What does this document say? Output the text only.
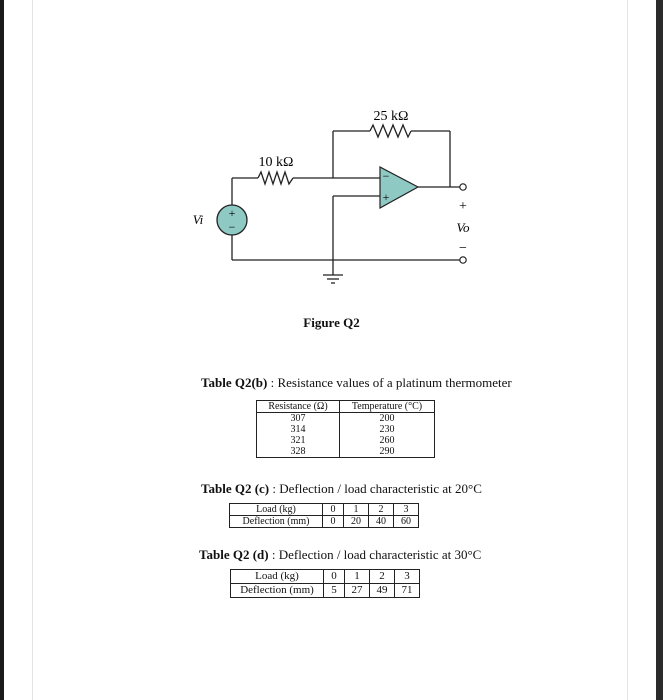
25 kΩ
10 kΩ
Vi
Vo
+
−
−
+
+
−
Figure Q2
Table Q2(b) : Resistance values of a platinum thermometer
Resistance (Ω)	Temperature (°C)
307	200
314	230
321	260
328	290
Table Q2 (c) : Deflection / load characteristic at 20°C
Load (kg)	0	1	2	3
Deflection (mm)	0	20	40	60
Table Q2 (d) : Deflection / load characteristic at 30°C
Load (kg)	0	1	2	3
Deflection (mm)	5	27	49	71
